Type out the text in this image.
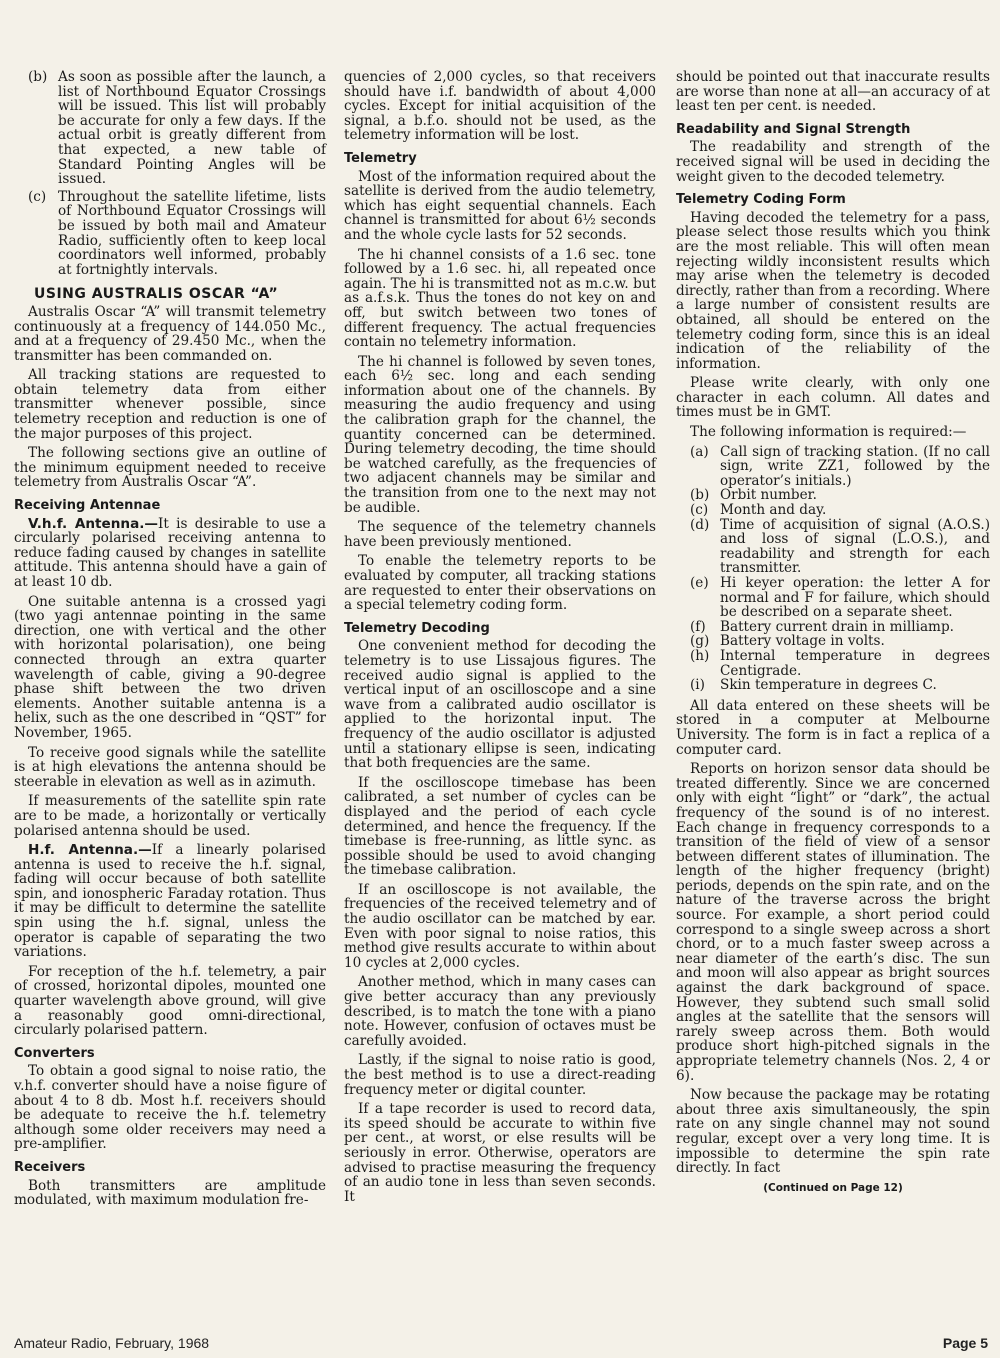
(b) As soon as possible after the launch, a list of Northbound Equator Crossings will be issued. This list will probably be accurate for only a few days. If the actual orbit is greatly different from that expected, a new table of Standard Pointing Angles will be issued.
(c) Throughout the satellite lifetime, lists of Northbound Equator Crossings will be issued by both mail and Amateur Radio, sufficiently often to keep local coordinators well informed, probably at fortnightly intervals.
USING AUSTRALIS OSCAR “A”

Australis Oscar “A” will transmit telemetry continuously at a frequency of 144.050 Mc., and at a frequency of 29.450 Mc., when the transmitter has been commanded on.

All tracking stations are requested to obtain telemetry data from either transmitter whenever possible, since telemetry reception and reduction is one of the major purposes of this project.

The following sections give an outline of the minimum equipment needed to receive telemetry from Australis Oscar “A”.

Receiving Antennae

V.h.f. Antenna.—It is desirable to use a circularly polarised receiving antenna to reduce fading caused by changes in satellite attitude. This antenna should have a gain of at least 10 db.

One suitable antenna is a crossed yagi (two yagi antennae pointing in the same direction, one with vertical and the other with horizontal polarisation), one being connected through an extra quarter wavelength of cable, giving a 90-degree phase shift between the two driven elements. Another suitable antenna is a helix, such as the one described in “QST” for November, 1965.

To receive good signals while the satellite is at high elevations the antenna should be steerable in elevation as well as in azimuth.

If measurements of the satellite spin rate are to be made, a horizontally or vertically polarised antenna should be used.

H.f. Antenna.—If a linearly polarised antenna is used to receive the h.f. signal, fading will occur because of both satellite spin, and ionospheric Faraday rotation. Thus it may be difficult to determine the satellite spin using the h.f. signal, unless the operator is capable of separating the two variations.

For reception of the h.f. telemetry, a pair of crossed, horizontal dipoles, mounted one quarter wavelength above ground, will give a reasonably good omni-directional, circularly polarised pattern.

Converters

To obtain a good signal to noise ratio, the v.h.f. converter should have a noise figure of about 4 to 8 db. Most h.f. receivers should be adequate to receive the h.f. telemetry although some older receivers may need a pre-amplifier.

Receivers

Both transmitters are amplitude modulated, with maximum modulation fre-

quencies of 2,000 cycles, so that receivers should have i.f. bandwidth of about 4,000 cycles. Except for initial acquisition of the signal, a b.f.o. should not be used, as the telemetry information will be lost.

Telemetry

Most of the information required about the satellite is derived from the audio telemetry, which has eight sequential channels. Each channel is transmitted for about 6½ seconds and the whole cycle lasts for 52 seconds.

The hi channel consists of a 1.6 sec. tone followed by a 1.6 sec. hi, all repeated once again. The hi is transmitted not as m.c.w. but as a.f.s.k. Thus the tones do not key on and off, but switch between two tones of different frequency. The actual frequencies contain no telemetry information.

The hi channel is followed by seven tones, each 6½ sec. long and each sending information about one of the channels. By measuring the audio frequency and using the calibration graph for the channel, the quantity concerned can be determined. During telemetry decoding, the time should be watched carefully, as the frequencies of two adjacent channels may be similar and the transition from one to the next may not be audible.

The sequence of the telemetry channels have been previously mentioned.

To enable the telemetry reports to be evaluated by computer, all tracking stations are requested to enter their observations on a special telemetry coding form.

Telemetry Decoding

One convenient method for decoding the telemetry is to use Lissajous figures. The received audio signal is applied to the vertical input of an oscilloscope and a sine wave from a calibrated audio oscillator is applied to the horizontal input. The frequency of the audio oscillator is adjusted until a stationary ellipse is seen, indicating that both frequencies are the same.

If the oscilloscope timebase has been calibrated, a set number of cycles can be displayed and the period of each cycle determined, and hence the frequency. If the timebase is free-running, as little sync. as possible should be used to avoid changing the timebase calibration.

If an oscilloscope is not available, the frequencies of the received telemetry and of the audio oscillator can be matched by ear. Even with poor signal to noise ratios, this method give results accurate to within about 10 cycles at 2,000 cycles.

Another method, which in many cases can give better accuracy than any previously described, is to match the tone with a piano note. However, confusion of octaves must be carefully avoided.

Lastly, if the signal to noise ratio is good, the best method is to use a direct-reading frequency meter or digital counter.

If a tape recorder is used to record data, its speed should be accurate to within five per cent., at worst, or else results will be seriously in error. Otherwise, operators are advised to practise measuring the frequency of an audio tone in less than seven seconds. It

should be pointed out that inaccurate results are worse than none at all—an accuracy of at least ten per cent. is needed.

Readability and Signal Strength

The readability and strength of the received signal will be used in deciding the weight given to the decoded telemetry.

Telemetry Coding Form

Having decoded the telemetry for a pass, please select those results which you think are the most reliable. This will often mean rejecting wildly inconsistent results which may arise when the telemetry is decoded directly, rather than from a recording. Where a large number of consistent results are obtained, all should be entered on the telemetry coding form, since this is an ideal indication of the reliability of the information.

Please write clearly, with only one character in each column. All dates and times must be in GMT.

The following information is required:—

(a) Call sign of tracking station. (If no call sign, write ZZ1, followed by the operator’s initials.)
(b) Orbit number.
(c) Month and day.
(d) Time of acquisition of signal (A.O.S.) and loss of signal (L.O.S.), and readability and strength for each transmitter.
(e) Hi keyer operation: the letter A for normal and F for failure, which should be described on a separate sheet.
(f) Battery current drain in milliamp.
(g) Battery voltage in volts.
(h) Internal temperature in degrees Centigrade.
(i) Skin temperature in degrees C.

All data entered on these sheets will be stored in a computer at Melbourne University. The form is in fact a replica of a computer card.

Reports on horizon sensor data should be treated differently. Since we are concerned only with eight “light” or “dark”, the actual frequency of the sound is of no interest. Each change in frequency corresponds to a transition of the field of view of a sensor between different states of illumination. The length of the higher frequency (bright) periods, depends on the spin rate, and on the nature of the traverse across the bright source. For example, a short period could correspond to a single sweep across a short chord, or to a much faster sweep across a near diameter of the earth’s disc. The sun and moon will also appear as bright sources against the dark background of space. However, they subtend such small solid angles at the satellite that the sensors will rarely sweep across them. Both would produce short high-pitched signals in the appropriate telemetry channels (Nos. 2, 4 or 6).

Now because the package may be rotating about three axis simultaneously, the spin rate on any single channel may not sound regular, except over a very long time. It is impossible to determine the spin rate directly. In fact

(Continued on Page 12)
Amateur Radio, February, 1968	Page 5
